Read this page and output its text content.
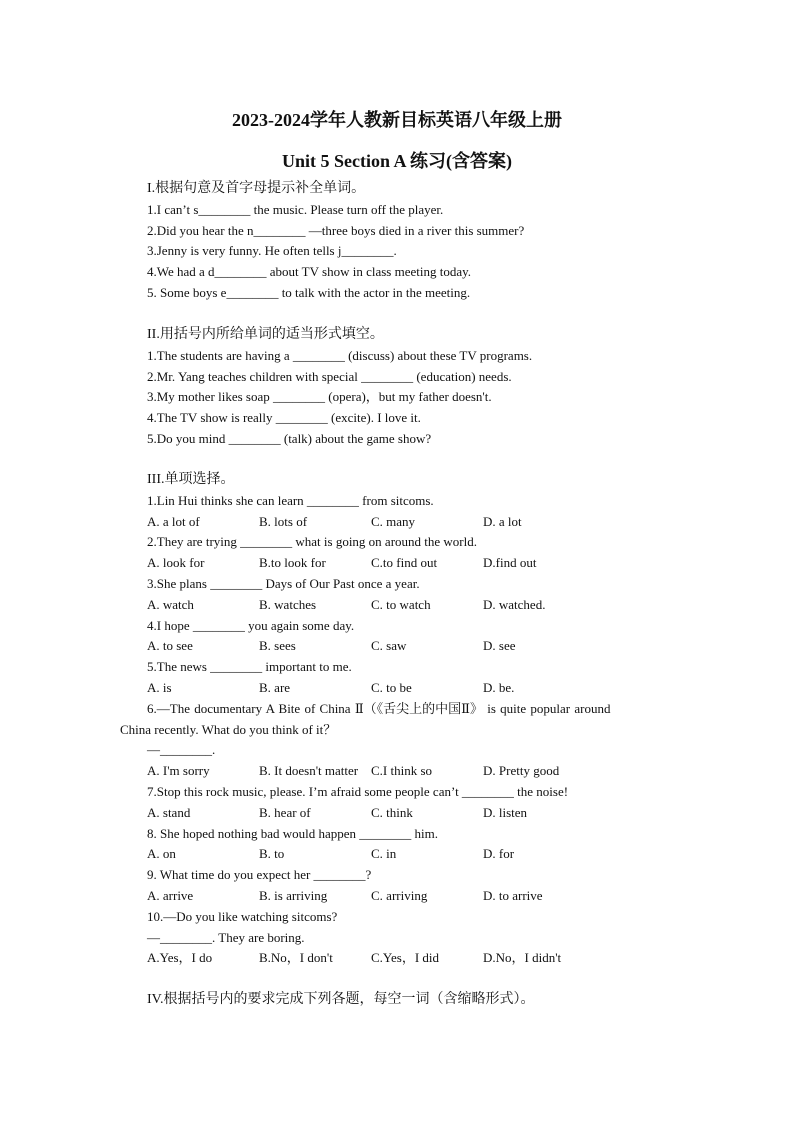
2023-2024学年人教新目标英语八年级上册
Unit 5 Section A 练习(含答案)
I.根据句意及首字母提示补全单词。
1.I can’t s________ the music. Please turn off the player.
2.Did you hear the n________ —three boys died in a river this summer?
3.Jenny is very funny. He often tells j________.
4.We had a d________ about TV show in class meeting today.
5. Some boys e________ to talk with the actor in the meeting.
II.用括号内所给单词的适当形式填空。
1.The students are having a ________ (discuss) about these TV programs.
2.Mr. Yang teaches children with special ________ (education) needs.
3.My mother likes soap ________ (opera)，but my father doesn't.
4.The TV show is really ________ (excite). I love it.
5.Do you mind ________ (talk) about the game show?
III.单项选择。
1.Lin Hui thinks she can learn ________ from sitcoms.
A. a lot of	B. lots of	C. many	D. a lot
2.They are trying ________ what is going on around the world.
A. look for	B.to look for	C.to find out	D.find out
3.She plans ________ Days of Our Past once a year.
A. watch	B. watches	C. to watch	D. watched.
4.I hope ________ you again some day.
A. to see	B. sees	C. saw	D. see
5.The news ________ important to me.
A. is	B. are	C. to be	D. be.
6.—The documentary A Bite of China Ⅱ（《舌尖上的中国Ⅱ》 is quite popular around
China recently. What do you think of it？
—________.
A. I'm sorry	B. It doesn't matter C.I think so	D. Pretty good
7.Stop this rock music, please. I’m afraid some people can’t ________ the noise!
A. stand	B. hear of	C. think	D. listen
8. She hoped nothing bad would happen ________ him.
A. on	B. to	C. in	D. for
9. What time do you expect her ________?
A. arrive	B. is arriving	C. arriving	D. to arrive
10.—Do you like watching sitcoms?
—________. They are boring.
A.Yes，I do	B.No，I don't	C.Yes，I did	D.No，I didn't
IV.根据括号内的要求完成下列各题，每空一词（含缩略形式）。
